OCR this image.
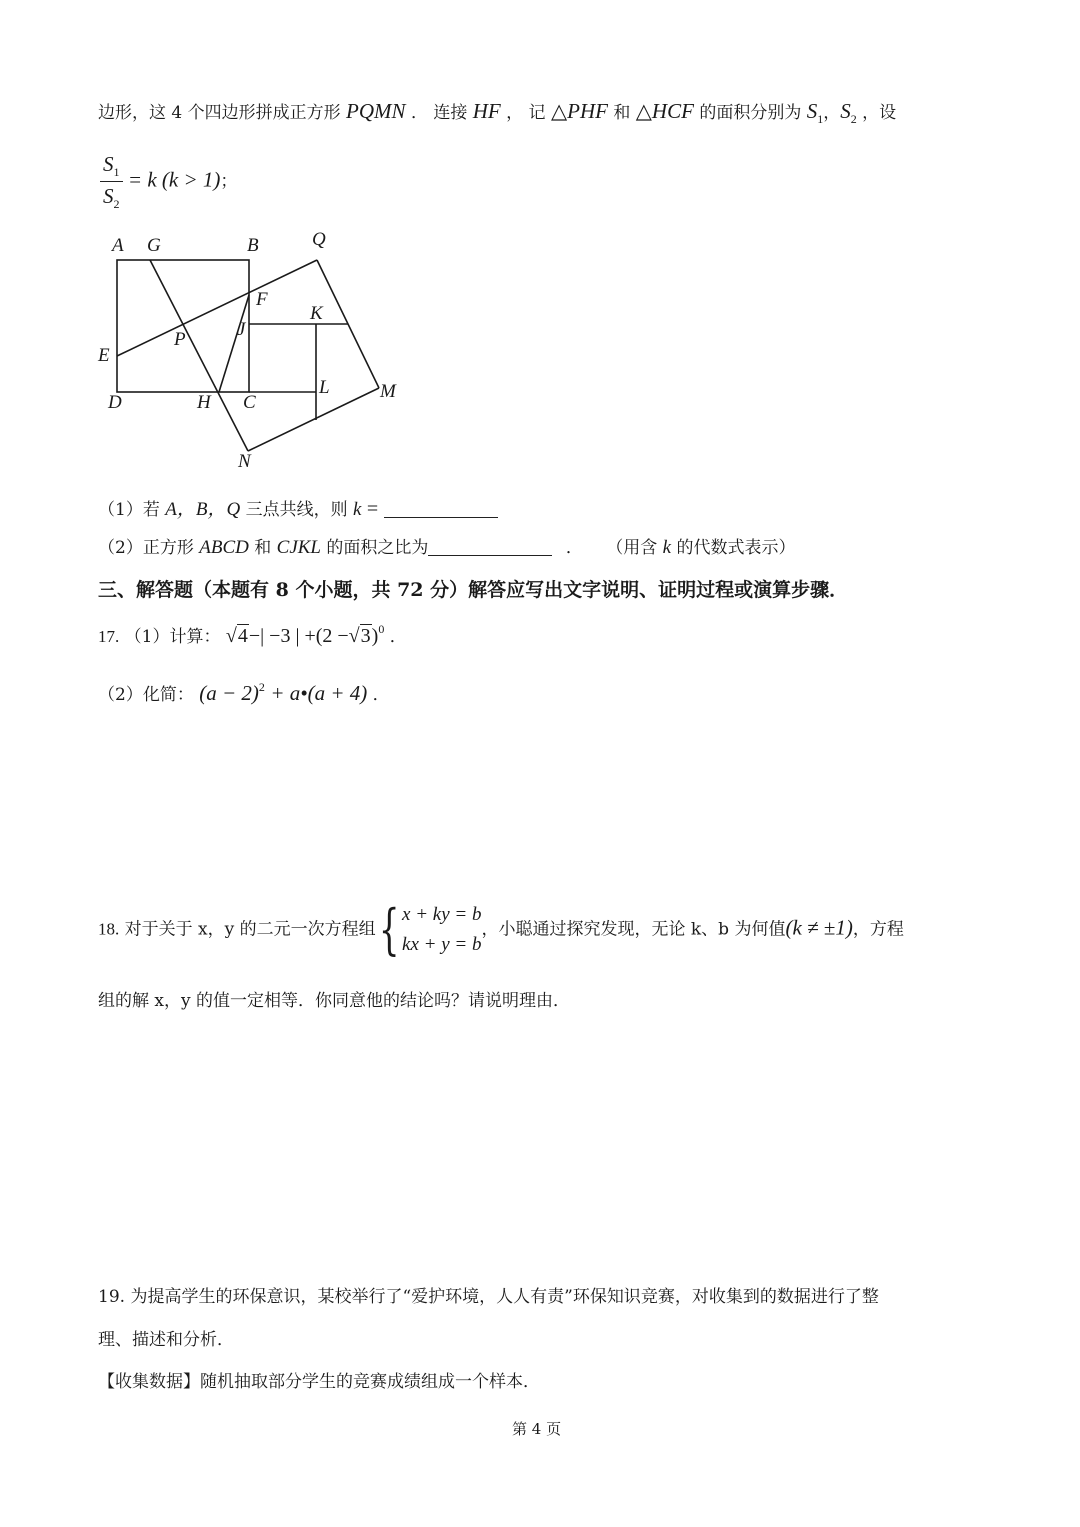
边形，这 4 个四边形拼成正方形 PQMN ． 连接 HF ， 记 △PHF 和 △HCF 的面积分别为 $S_1$，$S_2$ ，设
$\frac{S_1}{S_2} = k$ (k > 1)；
A G	B	Q
F
J
K
P
E
D	H C
L	M
N
（1）若 A，B，Q 三点共线，则 k =
（2）正方形 ABCD 和 CJKL 的面积之比为	． （用含 k 的代数式表示）
三、解答题（本题有 8 个小题，共 72 分）解答应写出文字说明、证明过程或演算步骤．
17. （1）计算： √4−| −3 | $+(2 -√3)^0$ ．
（2）化简： $(a - 2)^2$ + a•(a + 4) ．
18. 对于关于 x，y 的二元一次方程组{ x + ky = b
kx + y = b
，小聪通过探究发现，无论 k、b 为何值(k ≠ ±1)，方程
组的解 x，y 的值一定相等．你同意他的结论吗？请说明理由．
19. 为提高学生的环保意识，某校举行了“爱护环境，人人有责”环保知识竞赛，对收集到的数据进行了整
理、描述和分析．
【收集数据】随机抽取部分学生的竞赛成绩组成一个样本．
第 4 页
